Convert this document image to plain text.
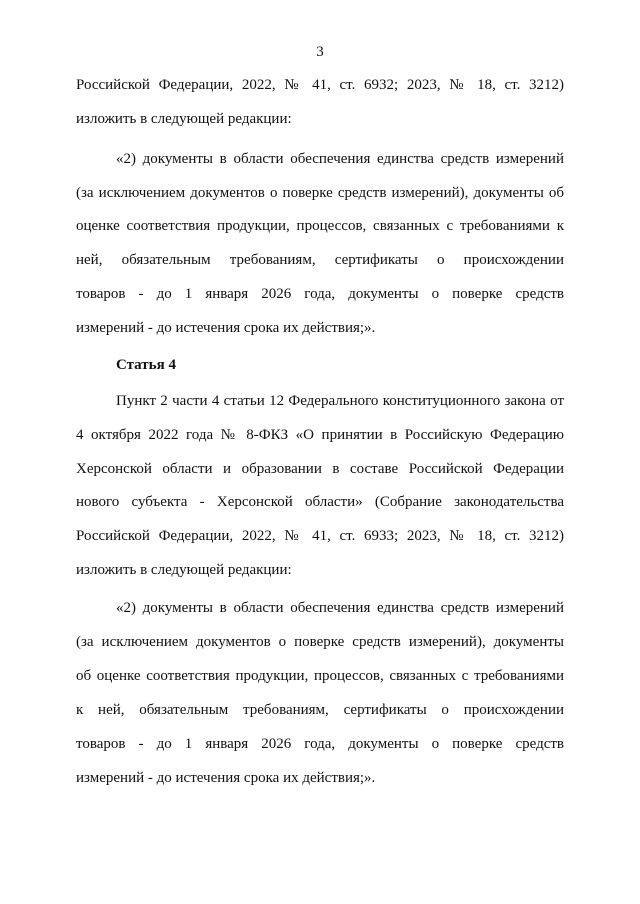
3
Российской Федерации, 2022, № 41, ст. 6932; 2023, № 18, ст. 3212)
изложить в следующей редакции:
«2) документы в области обеспечения единства средств измерений
(за исключением документов о поверке средств измерений), документы об
оценке соответствия продукции, процессов, связанных с требованиями к
ней, обязательным требованиям, сертификаты о происхождении
товаров - до 1 января 2026 года, документы о поверке средств
измерений - до истечения срока их действия;».
Статья 4
Пункт 2 части 4 статьи 12 Федерального конституционного закона от
4 октября 2022 года № 8-ФКЗ «О принятии в Российскую Федерацию
Херсонской области и образовании в составе Российской Федерации
нового субъекта - Херсонской области» (Собрание законодательства
Российской Федерации, 2022, № 41, ст. 6933; 2023, № 18, ст. 3212)
изложить в следующей редакции:
«2) документы в области обеспечения единства средств измерений
(за исключением документов о поверке средств измерений), документы
об оценке соответствия продукции, процессов, связанных с требованиями
к ней, обязательным требованиям, сертификаты о происхождении
товаров - до 1 января 2026 года, документы о поверке средств
измерений - до истечения срока их действия;».
